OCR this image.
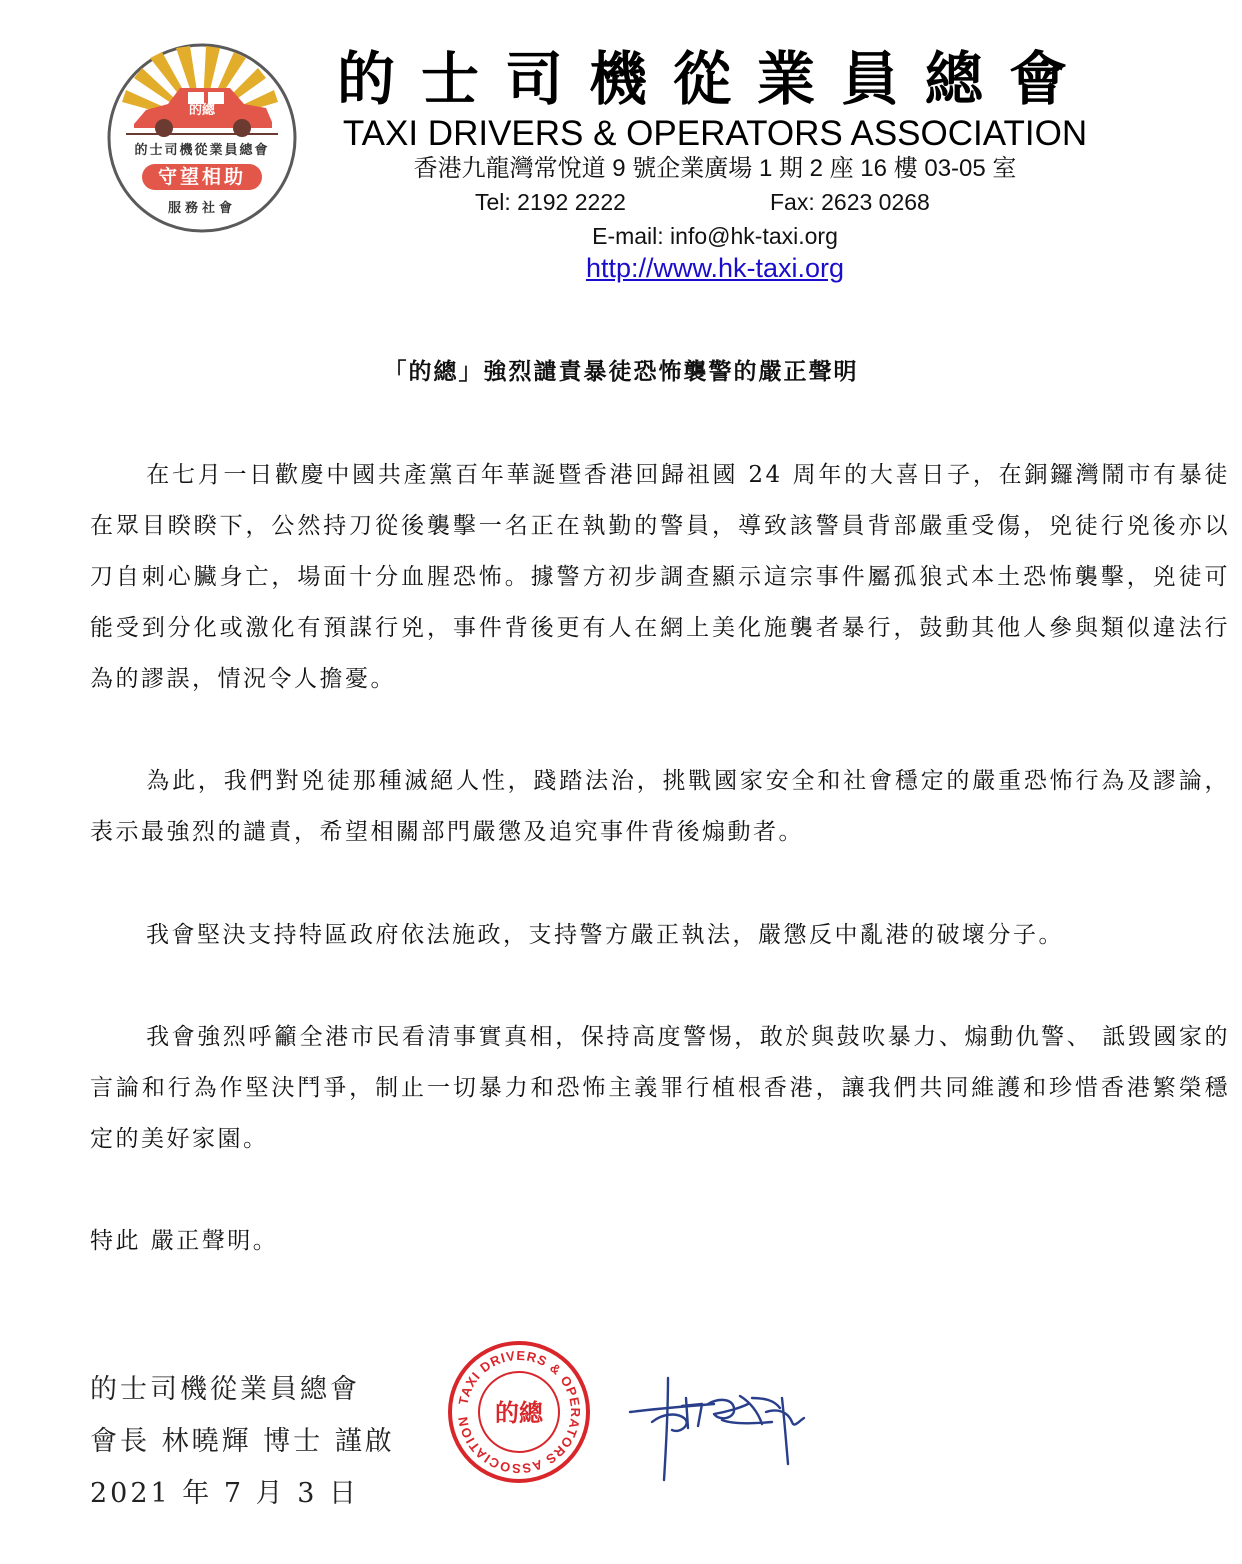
的總
的士司機從業員總會
守望相助
服務社會
的士司機從業員總會
TAXI DRIVERS & OPERATORS ASSOCIATION
香港九龍灣常悅道 9 號企業廣場 1 期 2 座 16 樓 03-05 室
Tel: 2192 2222	Fax: 2623 0268
E-mail: info@hk-taxi.org
http://www.hk-taxi.org
「的總」強烈譴責暴徒恐怖襲警的嚴正聲明

在七月一日歡慶中國共產黨百年華誕暨香港回歸祖國 24 周年的大喜日子，在銅鑼灣鬧市有暴徒在眾目睽睽下，公然持刀從後襲擊一名正在執勤的警員，導致該警員背部嚴重受傷，兇徒行兇後亦以刀自刺心臟身亡，場面十分血腥恐怖。據警方初步調查顯示這宗事件屬孤狼式本土恐怖襲擊，兇徒可能受到分化或激化有預謀行兇，事件背後更有人在網上美化施襲者暴行，鼓動其他人參與類似違法行為的謬誤，情況令人擔憂。

為此，我們對兇徒那種滅絕人性，踐踏法治，挑戰國家安全和社會穩定的嚴重恐怖行為及謬論，表示最強烈的譴責，希望相關部門嚴懲及追究事件背後煽動者。

我會堅決支持特區政府依法施政，支持警方嚴正執法，嚴懲反中亂港的破壞分子。

我會強烈呼籲全港市民看清事實真相，保持高度警惕，敢於與鼓吹暴力、煽動仇警、 詆毀國家的言論和行為作堅決鬥爭，制止一切暴力和恐怖主義罪行植根香港，讓我們共同維護和珍惜香港繁榮穩定的美好家園。

特此 嚴正聲明。

的士司機從業員總會
會長 林曉輝 博士 謹啟
2021 年 7 月 3 日
TAXI DRIVERS & OPERATORS ASSOCIATION 的總
